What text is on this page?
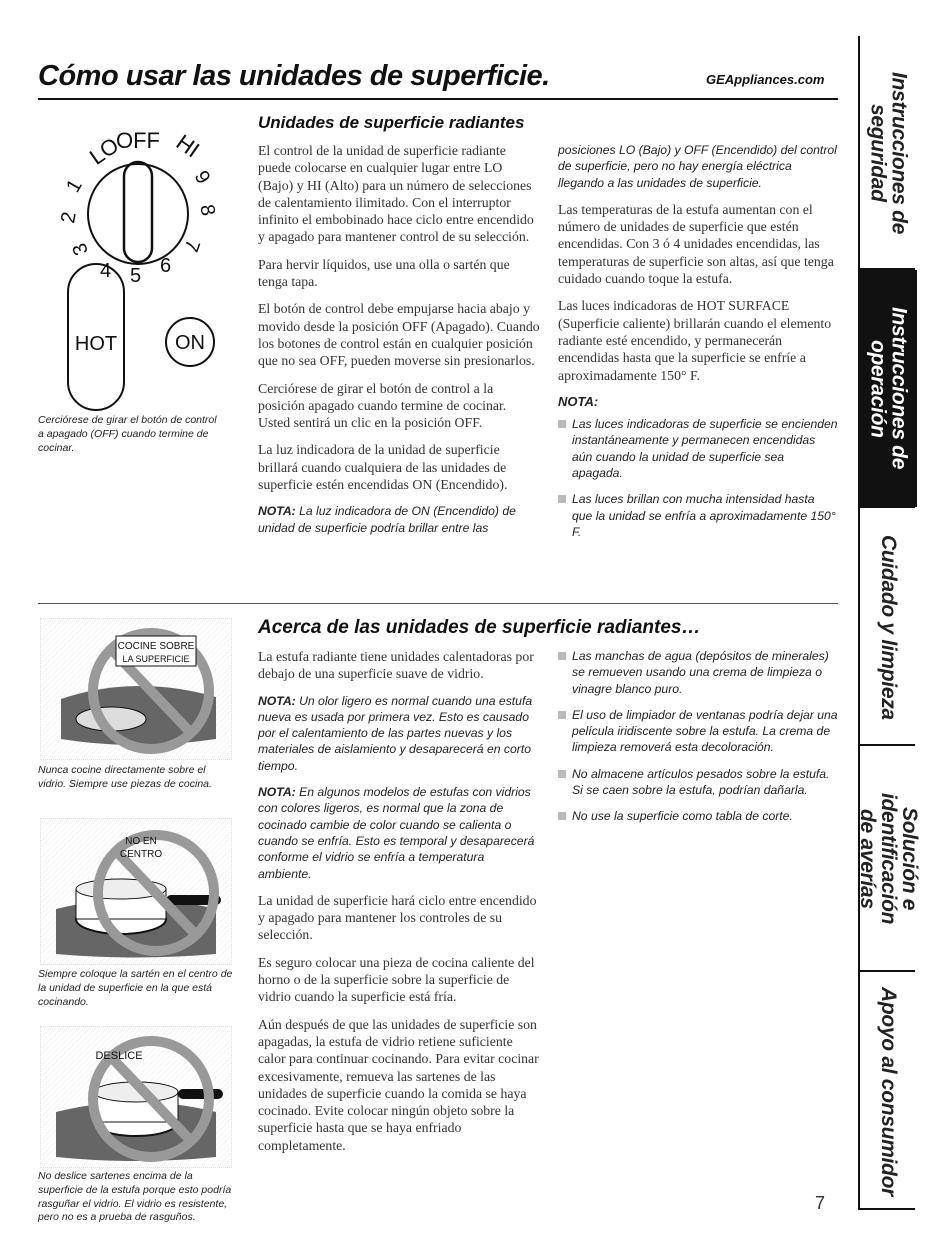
Cómo usar las unidades de superficie.	GEAppliances.com
OFF
LO HI
1
2
3
4 5 6
7
8
9
HOT	ON
Cerciórese de girar el botón de control a apagado (OFF) cuando termine de cocinar.
Unidades de superficie radiantes

El control de la unidad de superficie radiante puede colocarse en cualquier lugar entre LO (Bajo) y HI (Alto) para un número de selecciones de calentamiento ilimitado. Con el interruptor infinito el embobinado hace ciclo entre encendido y apagado para mantener control de su selección.

Para hervir líquidos, use una olla o sartén que tenga tapa.

El botón de control debe empujarse hacia abajo y movido desde la posición OFF (Apagado). Cuando los botones de control están en cualquier posición que no sea OFF, pueden moverse sin presionarlos.

Cerciórese de girar el botón de control a la posición apagado cuando termine de cocinar. Usted sentirá un clic en la posición OFF.

La luz indicadora de la unidad de superficie brillará cuando cualquiera de las unidades de superficie estén encendidas ON (Encendido).

NOTA: La luz indicadora de ON (Encendido) de unidad de superficie podría brillar entre las

posiciones LO (Bajo) y OFF (Encendido) del control de superficie, pero no hay energía eléctrica llegando a las unidades de superficie.

Las temperaturas de la estufa aumentan con el número de unidades de superficie que estén encendidas. Con 3 ó 4 unidades encendidas, las temperaturas de superficie son altas, así que tenga cuidado cuando toque la estufa.

Las luces indicadoras de HOT SURFACE (Superficie caliente) brillarán cuando el elemento radiante esté encendido, y permanecerán encendidas hasta que la superficie se enfríe a aproximadamente 150° F.

NOTA:

Las luces indicadoras de superficie se encienden instantáneamente y permanecen encendidas aún cuando la unidad de superficie sea apagada.

Las luces brillan con mucha intensidad hasta que la unidad se enfría a aproximadamente 150° F.

Acerca de las unidades de superficie radiantes…
COCINE SOBRE
LA SUPERFICIE
Nunca cocine directamente sobre el vidrio. Siempre use piezas de cocina.
NO EN
CENTRO
Siempre coloque la sartén en el centro de la unidad de superficie en la que está cocinando.
DESLICE
No deslice sartenes encima de la superficie de la estufa porque esto podría rasguñar el vidrio. El vidrio es resistente, pero no es a prueba de rasguños.

La estufa radiante tiene unidades calentadoras por debajo de una superficie suave de vidrio.

NOTA: Un olor ligero es normal cuando una estufa nueva es usada por primera vez. Esto es causado por el calentamiento de las partes nuevas y los materiales de aislamiento y desaparecerá en corto tiempo.

NOTA: En algunos modelos de estufas con vidrios con colores ligeros, es normal que la zona de cocinado cambie de color cuando se calienta o cuando se enfría. Esto es temporal y desaparecerá conforme el vidrio se enfría a temperatura ambiente.

La unidad de superficie hará ciclo entre encendido y apagado para mantener los controles de su selección.

Es seguro colocar una pieza de cocina caliente del horno o de la superficie sobre la superficie de vidrio cuando la superficie está fría.

Aún después de que las unidades de superficie son apagadas, la estufa de vidrio retiene suficiente calor para continuar cocinando. Para evitar cocinar excesivamente, remueva las sartenes de las unidades de superficie cuando la comida se haya cocinado. Evite colocar ningún objeto sobre la superficie hasta que se haya enfriado completamente.

Las manchas de agua (depósitos de minerales) se remueven usando una crema de limpieza o vinagre blanco puro.

El uso de limpiador de ventanas podría dejar una película iridiscente sobre la estufa. La crema de limpieza removerá esta decoloración.

No almacene artículos pesados sobre la estufa. Si se caen sobre la estufa, podrían dañarla.

No use la superficie como tabla de corte.

7
Instrucciones de
seguridad
Instrucciones de
operación
Cuidado y limpieza
Solución e identificación
de averías
Apoyo al consumidor
